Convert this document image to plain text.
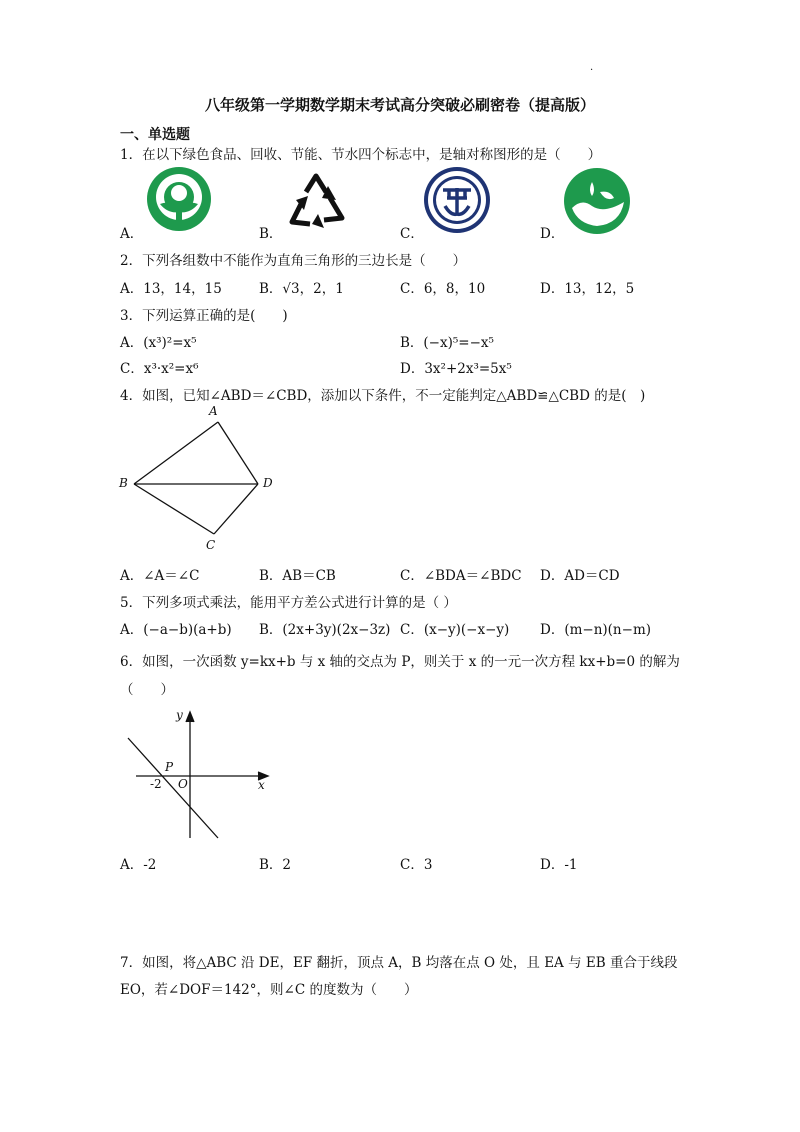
.
八年级第一学期数学期末考试高分突破必刷密卷（提高版）
一、单选题
1．在以下绿色食品、回收、节能、节水四个标志中，是轴对称图形的是（　　）
A．	B．	C．	D．
2．下列各组数中不能作为直角三角形的三边长是（　　）
A．13，14，15	B．√3，2，1	C．6，8，10	D．13，12，5
3．下列运算正确的是(　　)
A．(x³)²=x⁵	B．(−x)⁵=−x⁵
C．x³·x²=x⁶	D．3x²+2x³=5x⁵
4．如图，已知∠ABD＝∠CBD，添加以下条件，不一定能判定△ABD≌△CBD 的是(　)
A
B
C
D
A．∠A＝∠C	B．AB＝CB	C．∠BDA＝∠BDC D．AD＝CD
5．下列多项式乘法，能用平方差公式进行计算的是（ ）
A．(−a−b)(a+b) B．(2x+3y)(2x−3z) C．(x−y)(−x−y) D．(m−n)(n−m)
6．如图，一次函数 y=kx+b 与 x 轴的交点为 P，则关于 x 的一元一次方程 kx+b=0 的解为
（　　）
y
x
P
O
-2
A．-2	B．2	C．3	D．-1
7．如图，将△ABC 沿 DE，EF 翻折，顶点 A，B 均落在点 O 处，且 EA 与 EB 重合于线段
EO，若∠DOF＝142°，则∠C 的度数为（　　）
